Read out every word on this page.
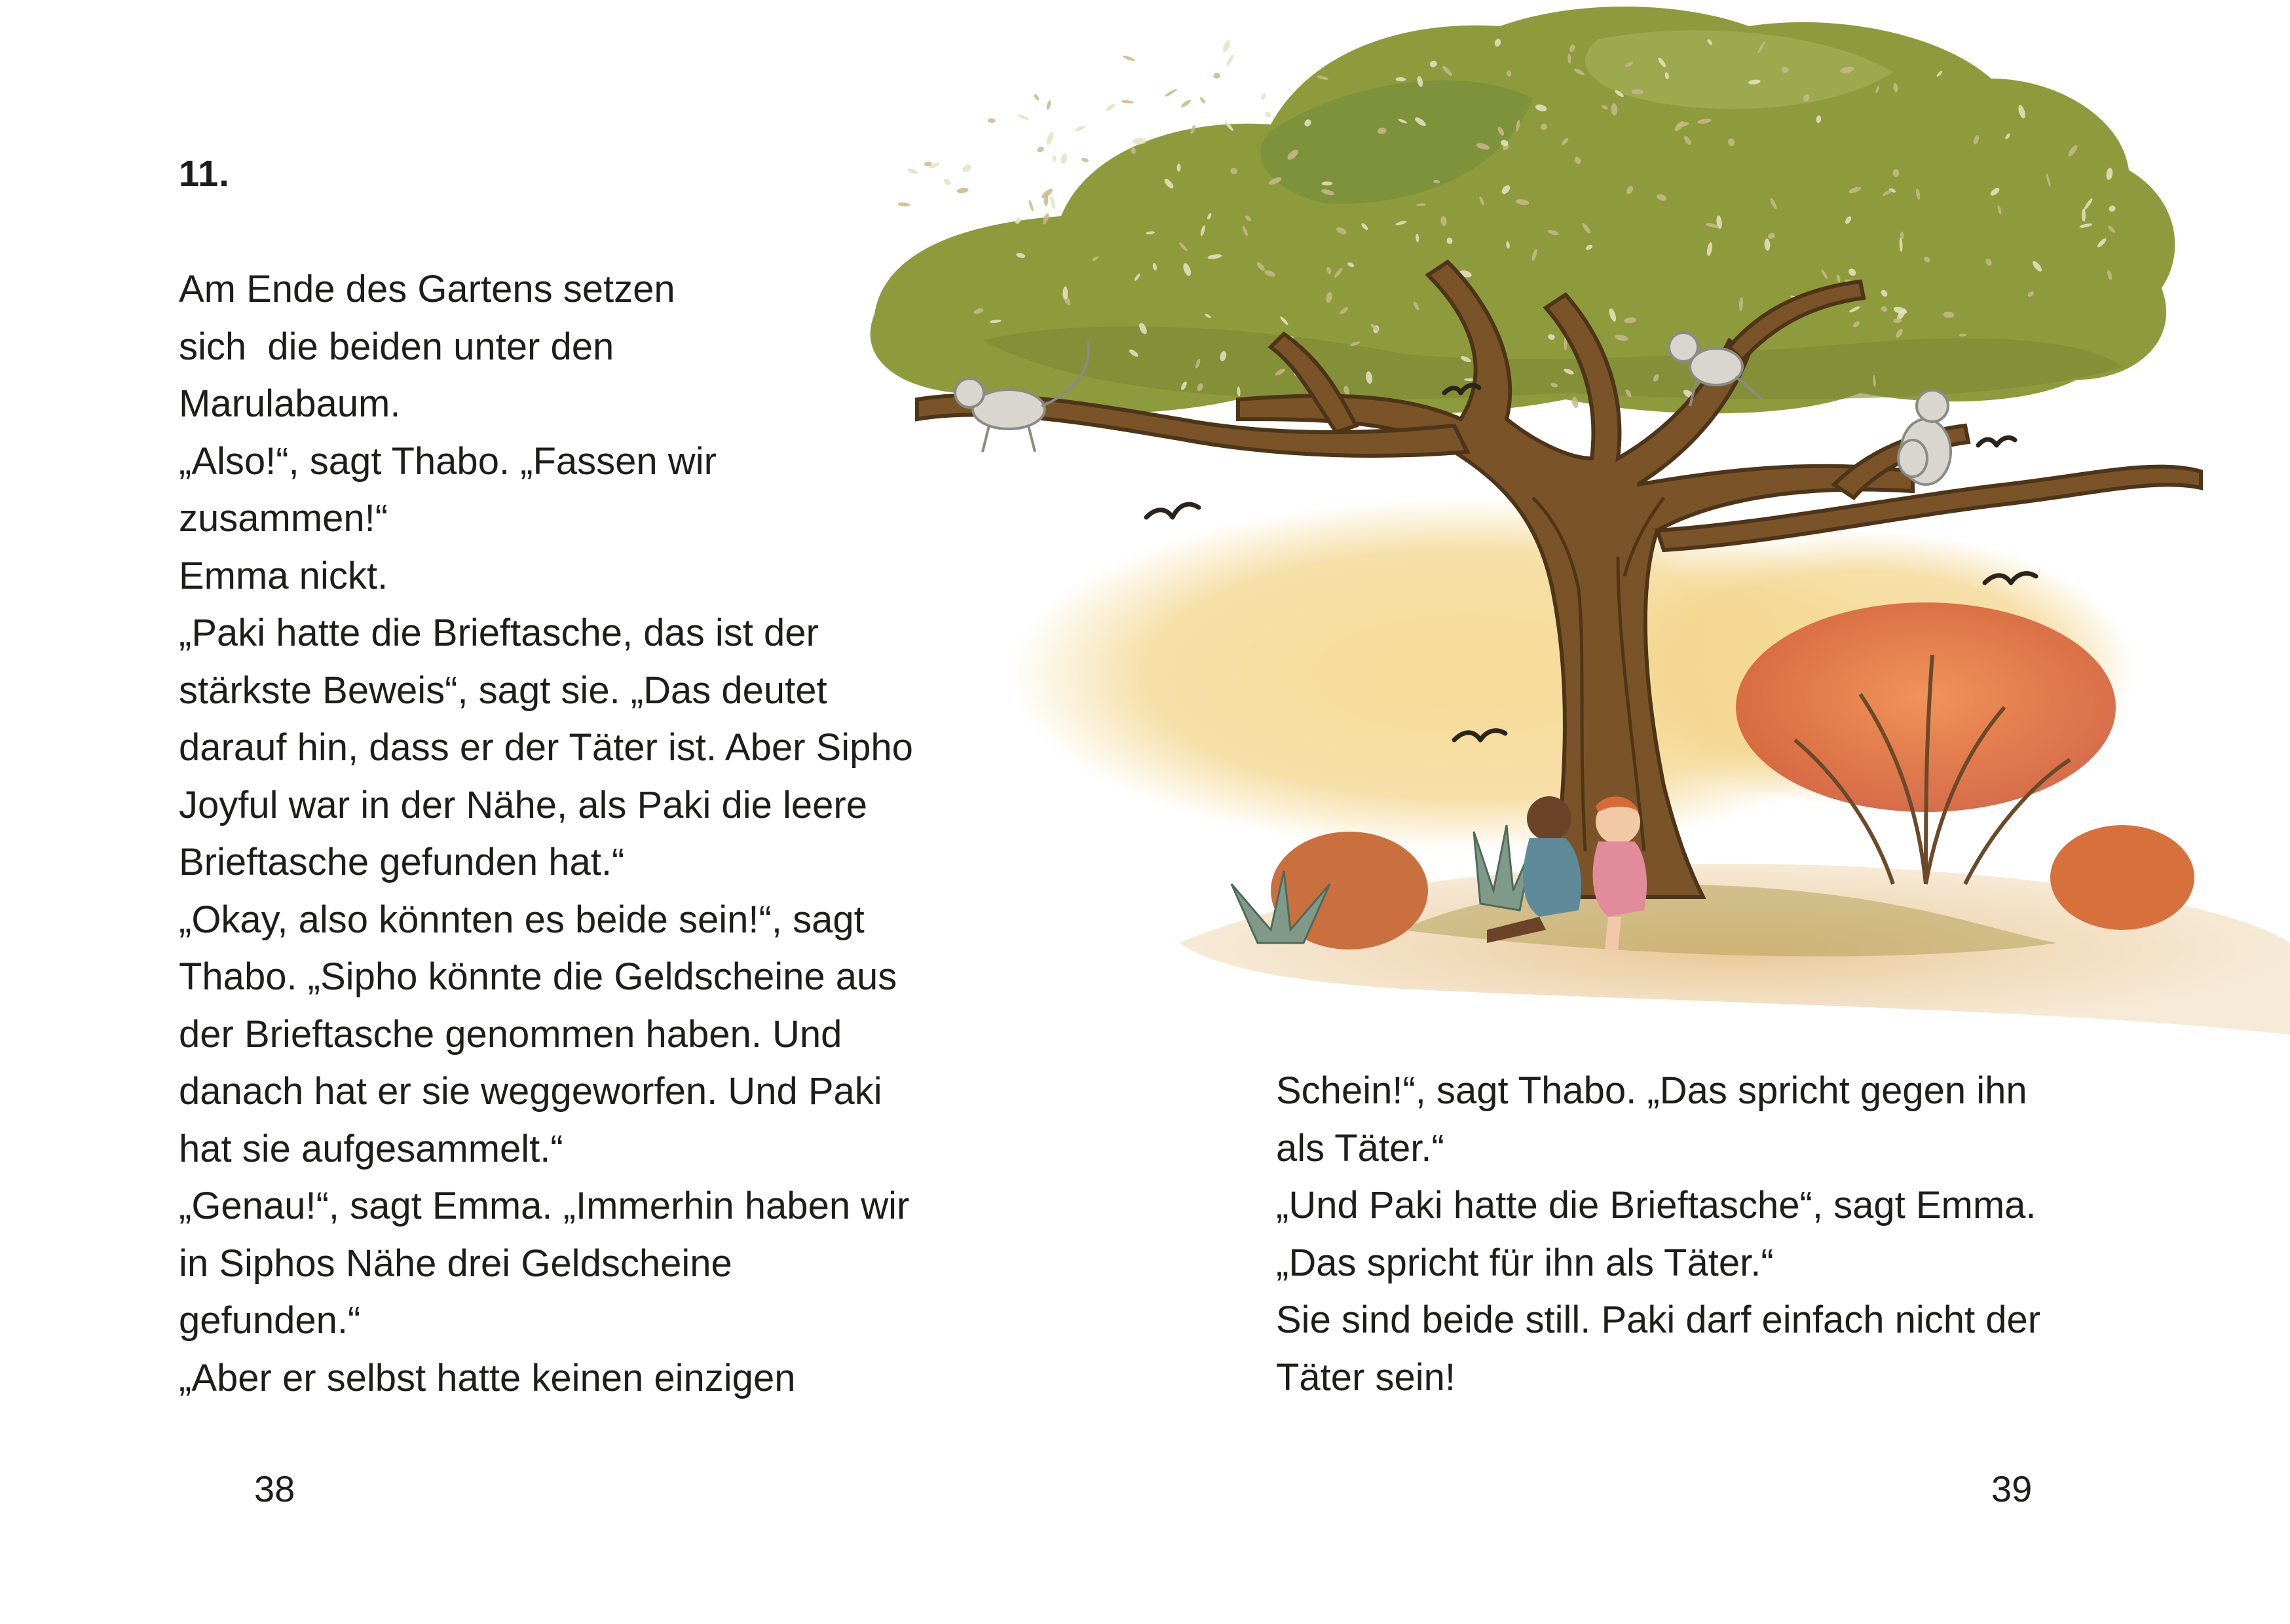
11.
Am Ende des Gartens setzen
sich  die beiden unter den
Marulabaum.
„Also!“, sagt Thabo. „Fassen wir
zusammen!“
Emma nickt.
„Paki hatte die Brieftasche, das ist der
stärkste Beweis“, sagt sie. „Das deutet
darauf hin, dass er der Täter ist. Aber Sipho
Joyful war in der Nähe, als Paki die leere
Brieftasche gefunden hat.“
„Okay, also könnten es beide sein!“, sagt
Thabo. „Sipho könnte die Geldscheine aus
der Brieftasche genommen haben. Und
danach hat er sie weggeworfen. Und Paki
hat sie aufgesammelt.“
„Genau!“, sagt Emma. „Immerhin haben wir
in Siphos Nähe drei Geldscheine
gefunden.“
„Aber er selbst hatte keinen einzigen
38
Schein!“, sagt Thabo. „Das spricht gegen ihn
als Täter.“
„Und Paki hatte die Brieftasche“, sagt Emma.
„Das spricht für ihn als Täter.“
Sie sind beide still. Paki darf einfach nicht der
Täter sein!
39
